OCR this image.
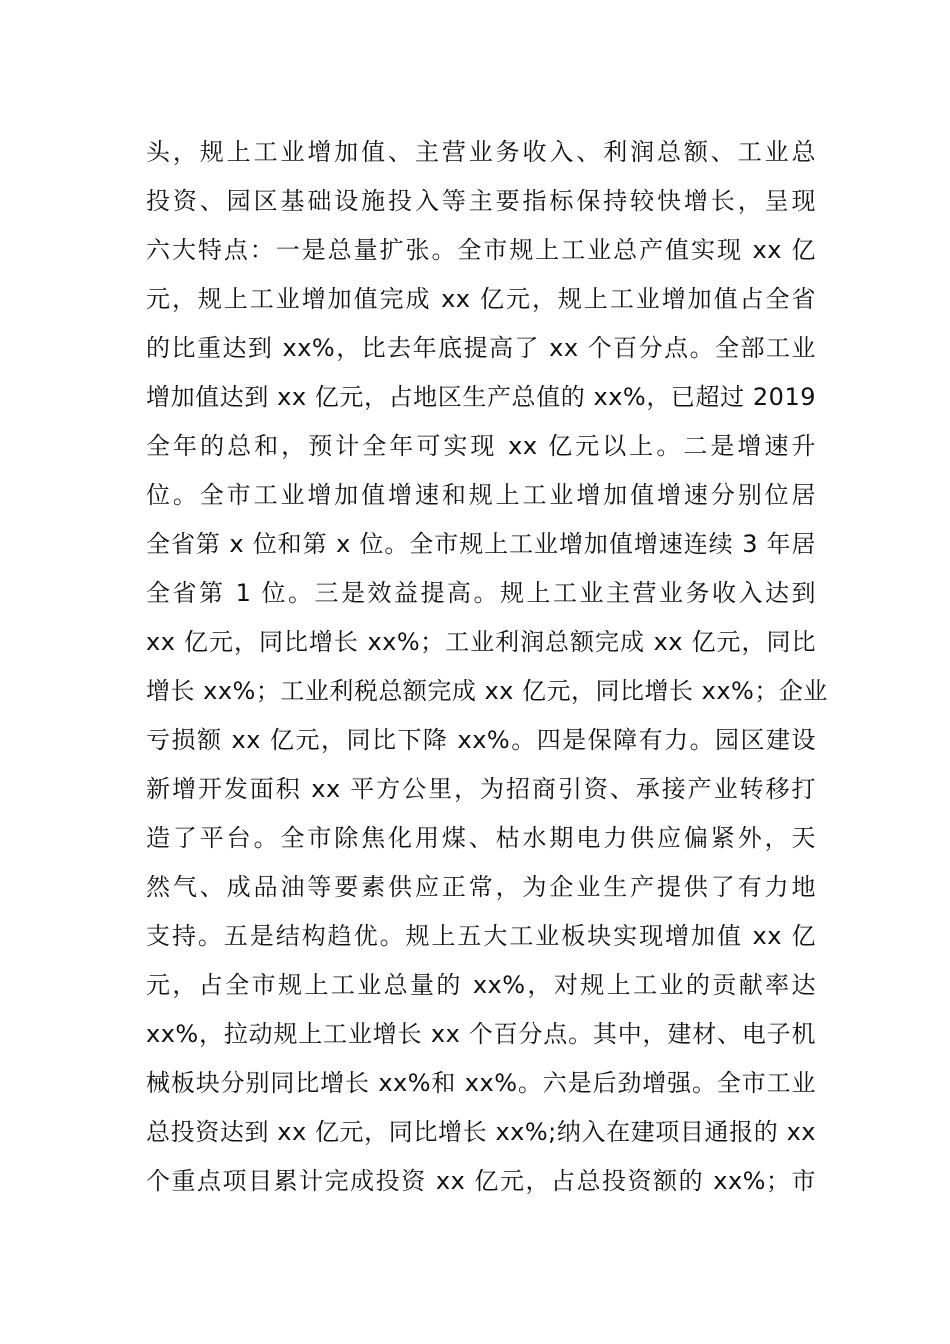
头，规上工业增加值、主营业务收入、利润总额、工业总
投资、园区基础设施投入等主要指标保持较快增长，呈现
六大特点：一是总量扩张。全市规上工业总产值实现 xx 亿
元，规上工业增加值完成 xx 亿元，规上工业增加值占全省
的比重达到 xx%，比去年底提高了 xx 个百分点。全部工业
增加值达到 xx 亿元，占地区生产总值的 xx%，已超过 2019
全年的总和，预计全年可实现 xx 亿元以上。二是增速升
位。全市工业增加值增速和规上工业增加值增速分别位居
全省第 x 位和第 x 位。全市规上工业增加值增速连续 3 年居
全省第 1 位。三是效益提高。规上工业主营业务收入达到
xx 亿元，同比增长 xx%；工业利润总额完成 xx 亿元，同比
增长 xx%；工业利税总额完成 xx 亿元，同比增长 xx%；企业
亏损额 xx 亿元，同比下降 xx%。四是保障有力。园区建设
新增开发面积 xx 平方公里，为招商引资、承接产业转移打
造了平台。全市除焦化用煤、枯水期电力供应偏紧外，天
然气、成品油等要素供应正常，为企业生产提供了有力地
支持。五是结构趋优。规上五大工业板块实现增加值 xx 亿
元，占全市规上工业总量的 xx%，对规上工业的贡献率达
xx%，拉动规上工业增长 xx 个百分点。其中，建材、电子机
械板块分别同比增长 xx%和 xx%。六是后劲增强。全市工业
总投资达到 xx 亿元，同比增长 xx%;纳入在建项目通报的 xx
个重点项目累计完成投资 xx 亿元，占总投资额的 xx%；市
